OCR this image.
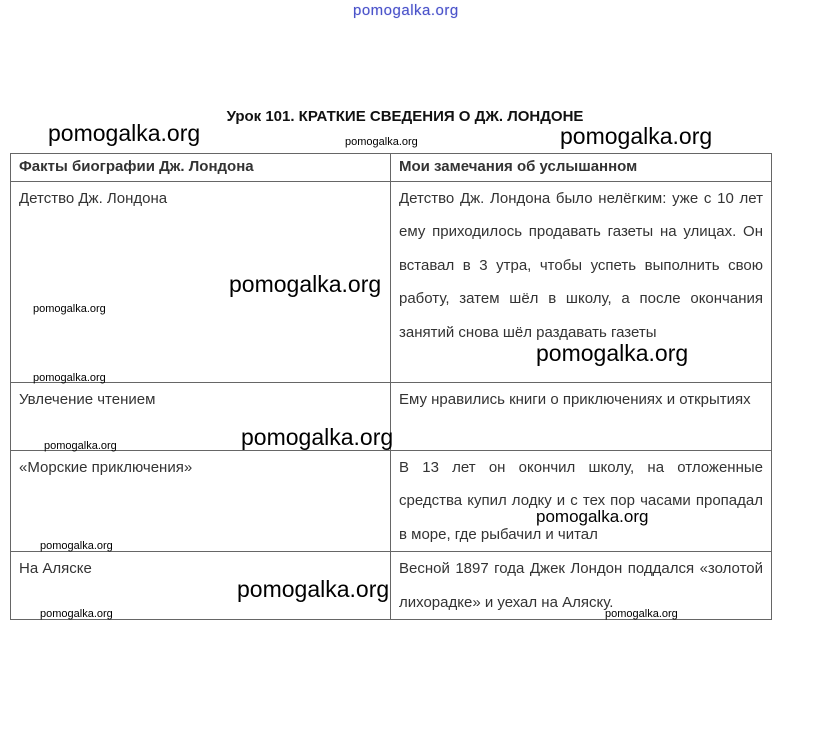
pomogalka.org
Урок 101. КРАТКИЕ СВЕДЕНИЯ О ДЖ. ЛОНДОНЕ
Факты биографии Дж. Лондона	Мои замечания об услышанном
Детство Дж. Лондона	Детство Дж. Лондона было нелёгким: уже с 10 лет ему приходилось продавать газеты на улицах. Он вставал в 3 утра, чтобы успеть выполнить свою работу, затем шёл в школу, а после окончания занятий снова шёл раздавать газеты
Увлечение чтением	Ему нравились книги о приключениях и открытиях
«Морские приключения»	В 13 лет он окончил школу, на отложенные средства купил лодку и с тех пор часами пропадал в море, где рыбачил и читал
На Аляске	Весной 1897 года Джек Лондон поддался «золотой лихорадке» и уехал на Аляску.
pomogalka.org	pomogalka.org	pomogalka.org
pomogalka.org
pomogalka.org
pomogalka.org
pomogalka.org
pomogalka.org
pomogalka.org
pomogalka.org
pomogalka.org
pomogalka.org
pomogalka.org	pomogalka.org
